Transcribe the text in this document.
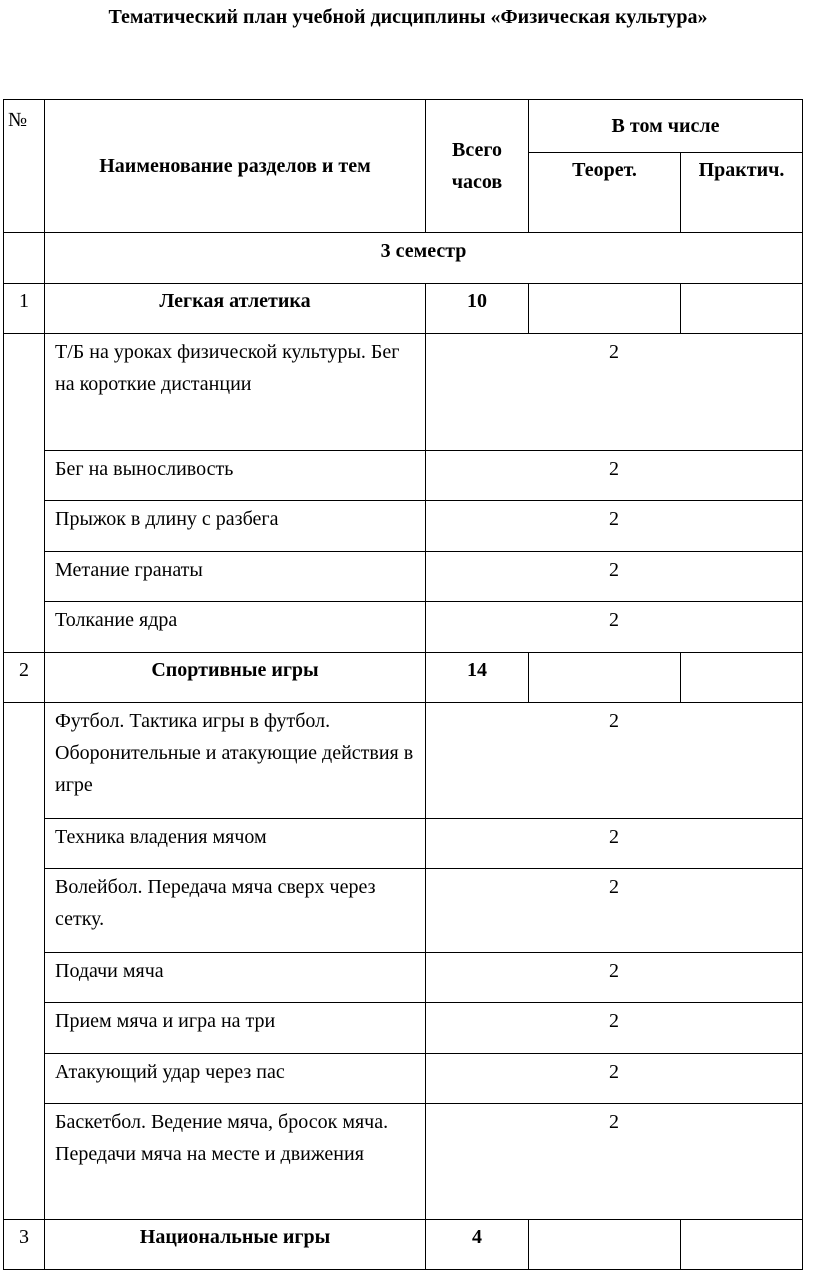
Тематический план учебной дисциплины «Физическая культура»
№	Наименование разделов и тем	Всего часов	В том числе	
			Теорет.	Практич.
	3 семестр			
1	Легкая атлетика	10		
	Т/Б на уроках физической культуры. Бег на короткие дистанции	2		
	Бег на выносливость	2		
	Прыжок в длину с разбега	2		
	Метание гранаты	2		
	Толкание ядра	2		
2	Спортивные игры	14		
	Футбол. Тактика игры в футбол. Оборонительные и атакующие действия в игре	2		
	Техника владения мячом	2		
	Волейбол. Передача мяча сверх через сетку.	2		
	Подачи мяча	2		
	Прием мяча и игра на три	2		
	Атакующий удар через пас	2		
	Баскетбол. Ведение мяча, бросок мяча. Передачи мяча на месте и движения	2		
3	Национальные игры	4		
